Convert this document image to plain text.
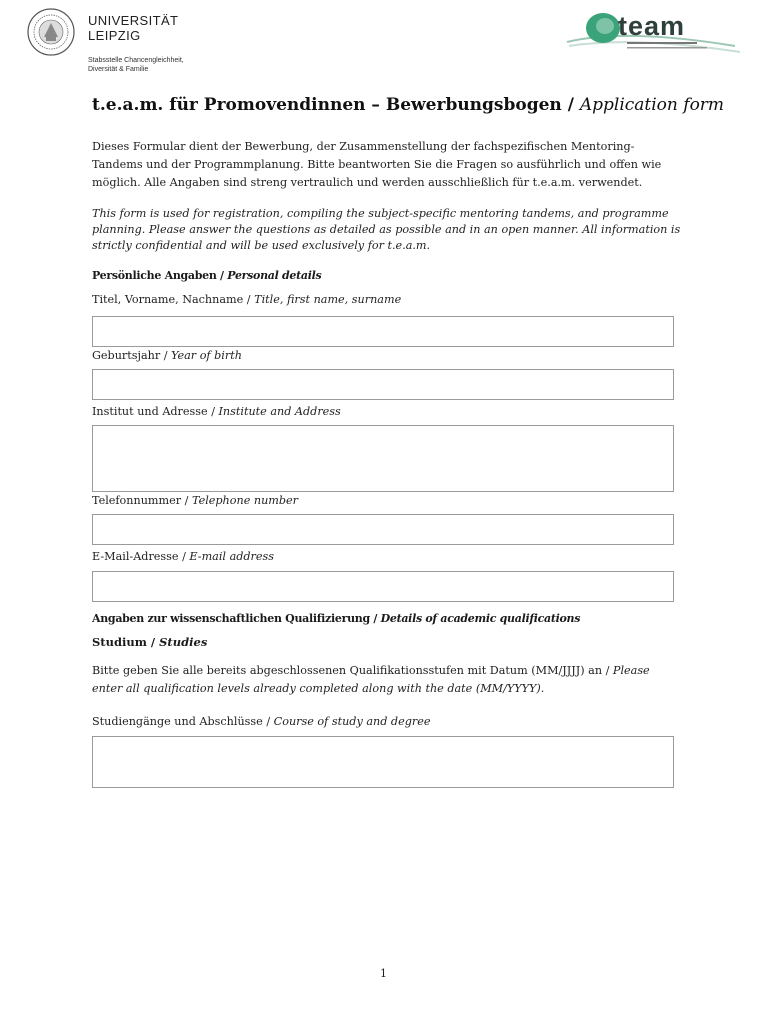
UNIVERSITÄT
LEIPZIG
Stabsstelle Chancengleichheit,
Diversität & Familie
team
t.e.a.m. für Promovendinnen – Bewerbungsbogen / Application form
Dieses Formular dient der Bewerbung, der Zusammenstellung der fachspezifischen Mentoring-Tandems und der Programmplanung. Bitte beantworten Sie die Fragen so ausführlich und offen wie möglich. Alle Angaben sind streng vertraulich und werden ausschließlich für t.e.a.m. verwendet.
This form is used for registration, compiling the subject-specific mentoring tandems, and programme planning. Please answer the questions as detailed as possible and in an open manner. All information is strictly confidential and will be used exclusively for t.e.a.m.
Persönliche Angaben / Personal details
Titel, Vorname, Nachname / Title, first name, surname
Geburtsjahr / Year of birth
Institut und Adresse / Institute and Address
Telefonnummer / Telephone number
E-Mail-Adresse / E-mail address
Angaben zur wissenschaftlichen Qualifizierung / Details of academic qualifications
Studium / Studies
Bitte geben Sie alle bereits abgeschlossenen Qualifikationsstufen mit Datum (MM/JJJJ) an / Please enter all qualification levels already completed along with the date (MM/YYYY).
Studiengänge und Abschlüsse / Course of study and degree
1
